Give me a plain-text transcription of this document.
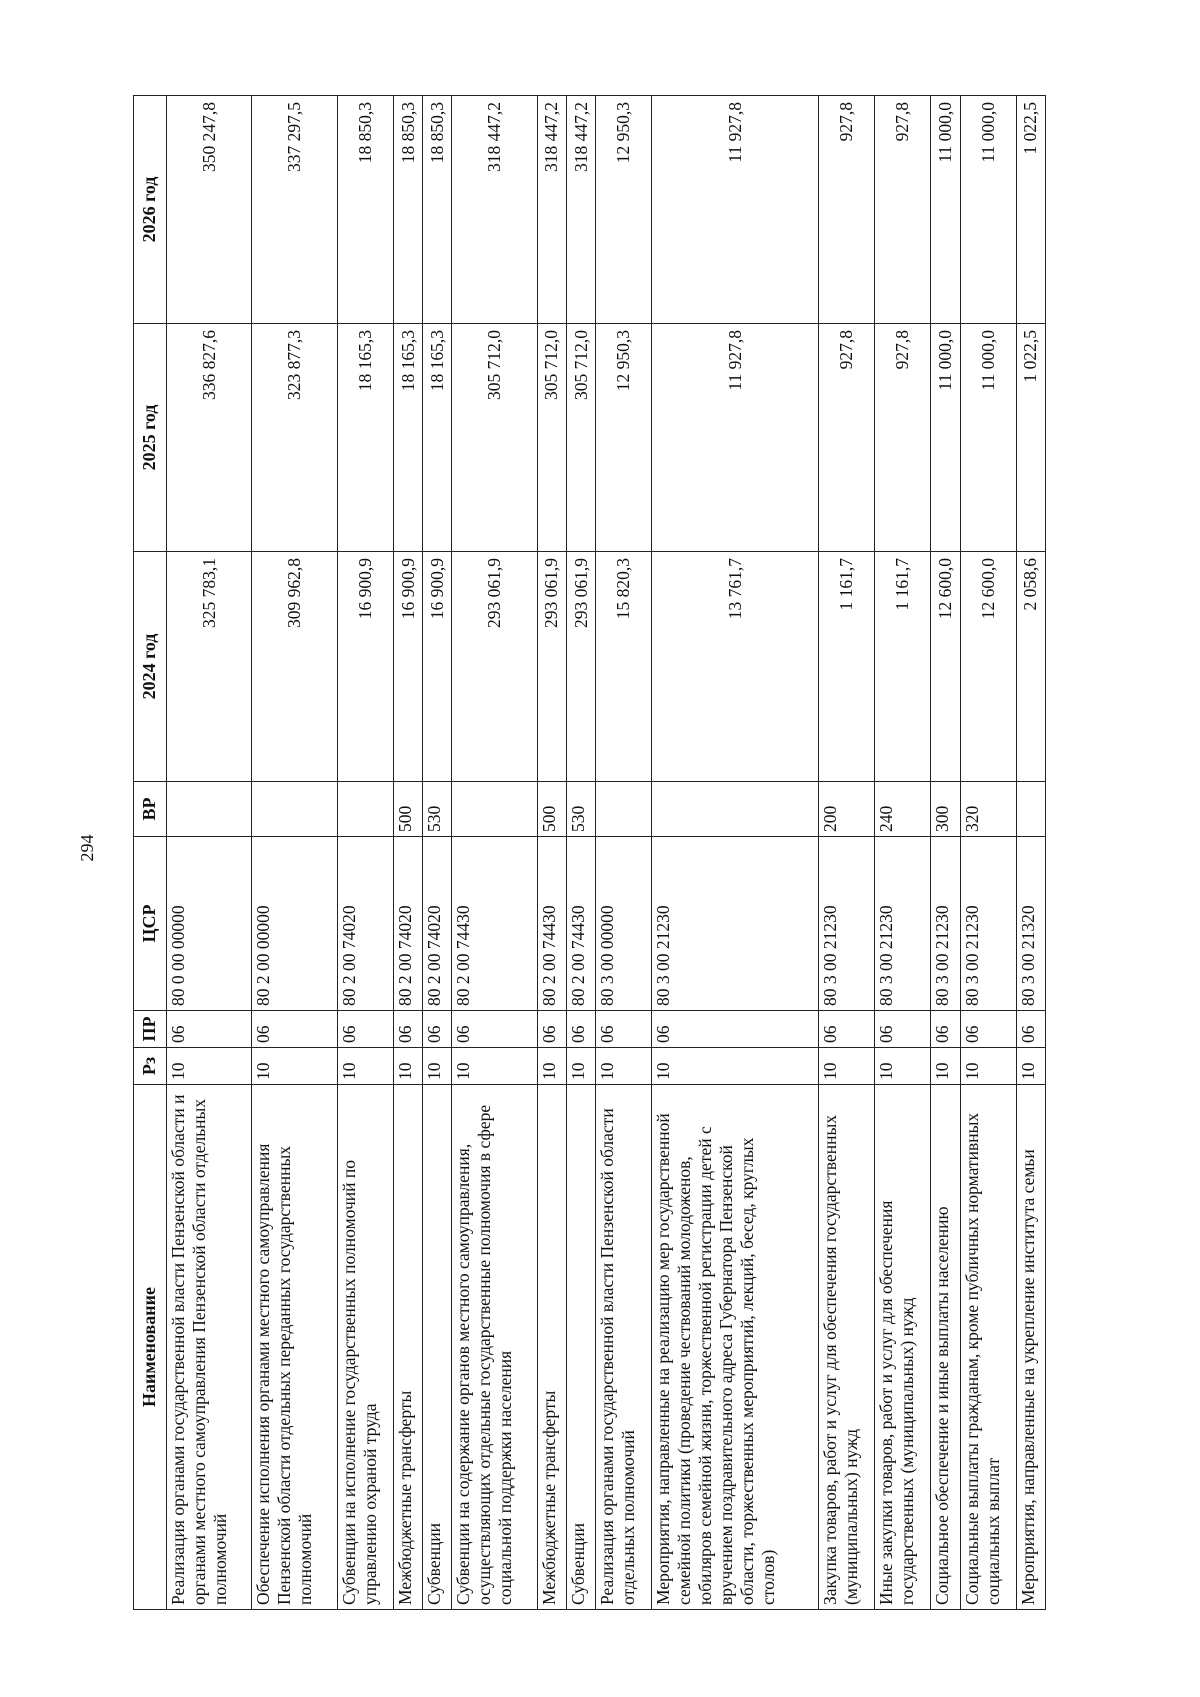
294
Наименование	Рз	ПР	ЦСР	ВР	2024 год	2025 год	2026 год
Реализация органами государственной власти Пензенской области и органами местного самоуправления Пензенской области отдельных полномочий	10	06	80 0 00 00000		325 783,1	336 827,6	350 247,8
Обеспечение исполнения органами местного самоуправления Пензенской области отдельных переданных государственных полномочий	10	06	80 2 00 00000		309 962,8	323 877,3	337 297,5
Субвенции на исполнение государственных полномочий по управлению охраной труда	10	06	80 2 00 74020		16 900,9	18 165,3	18 850,3
Межбюджетные трансферты	10	06	80 2 00 74020	500	16 900,9	18 165,3	18 850,3
Субвенции	10	06	80 2 00 74020	530	16 900,9	18 165,3	18 850,3
Субвенции на содержание органов местного самоуправления, осуществляющих отдельные государственные полномочия в сфере социальной поддержки населения	10	06	80 2 00 74430		293 061,9	305 712,0	318 447,2
Межбюджетные трансферты	10	06	80 2 00 74430	500	293 061,9	305 712,0	318 447,2
Субвенции	10	06	80 2 00 74430	530	293 061,9	305 712,0	318 447,2
Реализация органами государственной власти Пензенской области отдельных полномочий	10	06	80 3 00 00000		15 820,3	12 950,3	12 950,3
Мероприятия, направленные на реализацию мер государственной семейной политики (проведение чествований молодоженов, юбиляров семейной жизни, торжественной регистрации детей с вручением поздравительного адреса Губернатора Пензенской области, торжественных мероприятий, лекций, бесед, круглых столов)	10	06	80 3 00 21230		13 761,7	11 927,8	11 927,8
Закупка товаров, работ и услуг для обеспечения государственных (муниципальных) нужд	10	06	80 3 00 21230	200	1 161,7	927,8	927,8
Иные закупки товаров, работ и услуг для обеспечения государственных (муниципальных) нужд	10	06	80 3 00 21230	240	1 161,7	927,8	927,8
Социальное обеспечение и иные выплаты населению	10	06	80 3 00 21230	300	12 600,0	11 000,0	11 000,0
Социальные выплаты гражданам, кроме публичных нормативных социальных выплат	10	06	80 3 00 21230	320	12 600,0	11 000,0	11 000,0
Мероприятия, направленные на укрепление института семьи	10	06	80 3 00 21320		2 058,6	1 022,5	1 022,5
